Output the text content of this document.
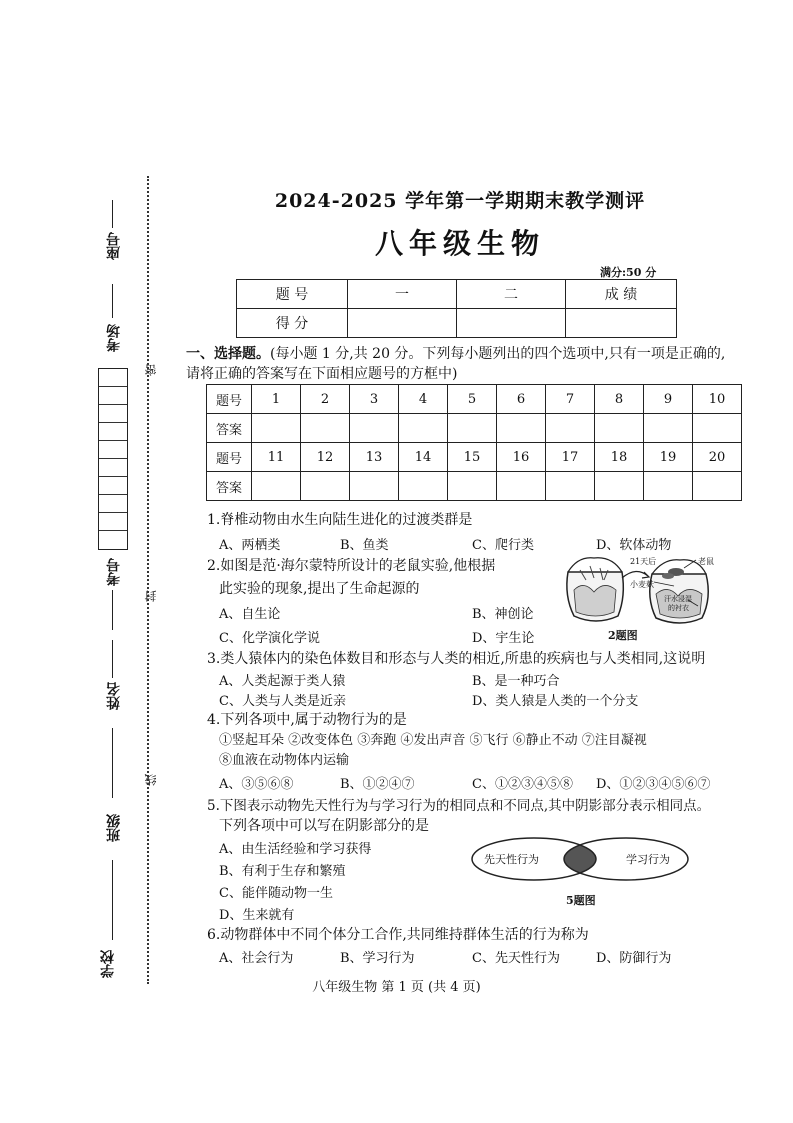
座号
考场
考号
姓名
班级
学校
密
封
线
2024-2025 学年第一学期期末教学测评
八年级生物
满分:50 分
题 号	一	二	成 绩
得 分			
一、选择题。(每小题 1 分,共 20 分。下列每小题列出的四个选项中,只有一项是正确的,请将正确的答案写在下面相应题号的方框中)
题号	1	2	3	4	5	6	7	8	9	10
答案										
题号	11	12	13	14	15	16	17	18	19	20
答案										
1.脊椎动物由水生向陆生进化的过渡类群是
A、两栖类	B、鱼类	C、爬行类	D、软体动物
2.如图是范·海尔蒙特所设计的老鼠实验,他根据
此实验的现象,提出了生命起源的
A、自生论	B、神创论
C、化学演化学说	D、宇生论
21天后	老鼠
小麦麸
汗水浸湿
的衬衣
2题图
3.类人猿体内的染色体数目和形态与人类的相近,所患的疾病也与人类相同,这说明
A、人类起源于类人猿	B、是一种巧合
C、人类与人类是近亲	D、类人猿是人类的一个分支
4.下列各项中,属于动物行为的是
①竖起耳朵 ②改变体色 ③奔跑 ④发出声音 ⑤飞行 ⑥静止不动 ⑦注目凝视
⑧血液在动物体内运输
A、③⑤⑥⑧	B、①②④⑦	C、①②③④⑤⑧ D、①②③④⑤⑥⑦
5.下图表示动物先天性行为与学习行为的相同点和不同点,其中阴影部分表示相同点。
下列各项中可以写在阴影部分的是
A、由生活经验和学习获得
B、有利于生存和繁殖
C、能伴随动物一生
D、生来就有
先天性行为	学习行为
5题图
6.动物群体中不同个体分工合作,共同维持群体生活的行为称为
A、社会行为	B、学习行为	C、先天性行为	D、防御行为
八年级生物 第 1 页 (共 4 页)
